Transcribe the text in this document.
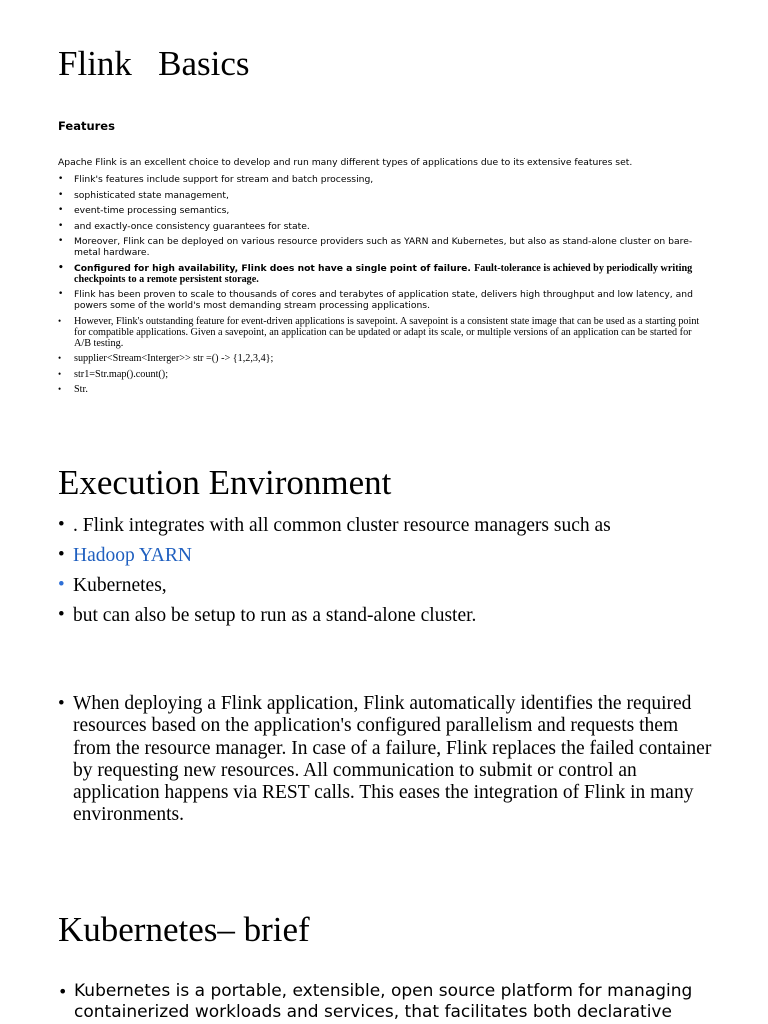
Flink   Basics
Features

Apache Flink is an excellent choice to develop and run many different types of applications due to its extensive features set.

• Flink's features include support for stream and batch processing,
• sophisticated state management,
• event-time processing semantics,
• and exactly-once consistency guarantees for state.
• Moreover, Flink can be deployed on various resource providers such as YARN and Kubernetes, but also as stand-alone cluster on bare-metal hardware.
• Configured for high availability, Flink does not have a single point of failure. Fault-tolerance is achieved by periodically writing checkpoints to a remote persistent storage.
• Flink has been proven to scale to thousands of cores and terabytes of application state, delivers high throughput and low latency, and powers some of the world's most demanding stream processing applications.
• However, Flink's outstanding feature for event-driven applications is savepoint. A savepoint is a consistent state image that can be used as a starting point for compatible applications. Given a savepoint, an application can be updated or adapt its scale, or multiple versions of an application can be started for A/B testing.
• supplier<Stream<Interger>> str =() -> {1,2,3,4};
• str1=Str.map().count();
• Str.
Execution Environment
• . Flink integrates with all common cluster resource managers such as
• Hadoop YARN
• Kubernetes,
• but can also be setup to run as a stand-alone cluster.
• When deploying a Flink application, Flink automatically identifies the required resources based on the application's configured parallelism and requests them from the resource manager. In case of a failure, Flink replaces the failed container by requesting new resources. All communication to submit or control an application happens via REST calls. This eases the integration of Flink in many environments.
Kubernetes– brief
• Kubernetes is a portable, extensible, open source platform for managing containerized workloads and services, that facilitates both declarative
